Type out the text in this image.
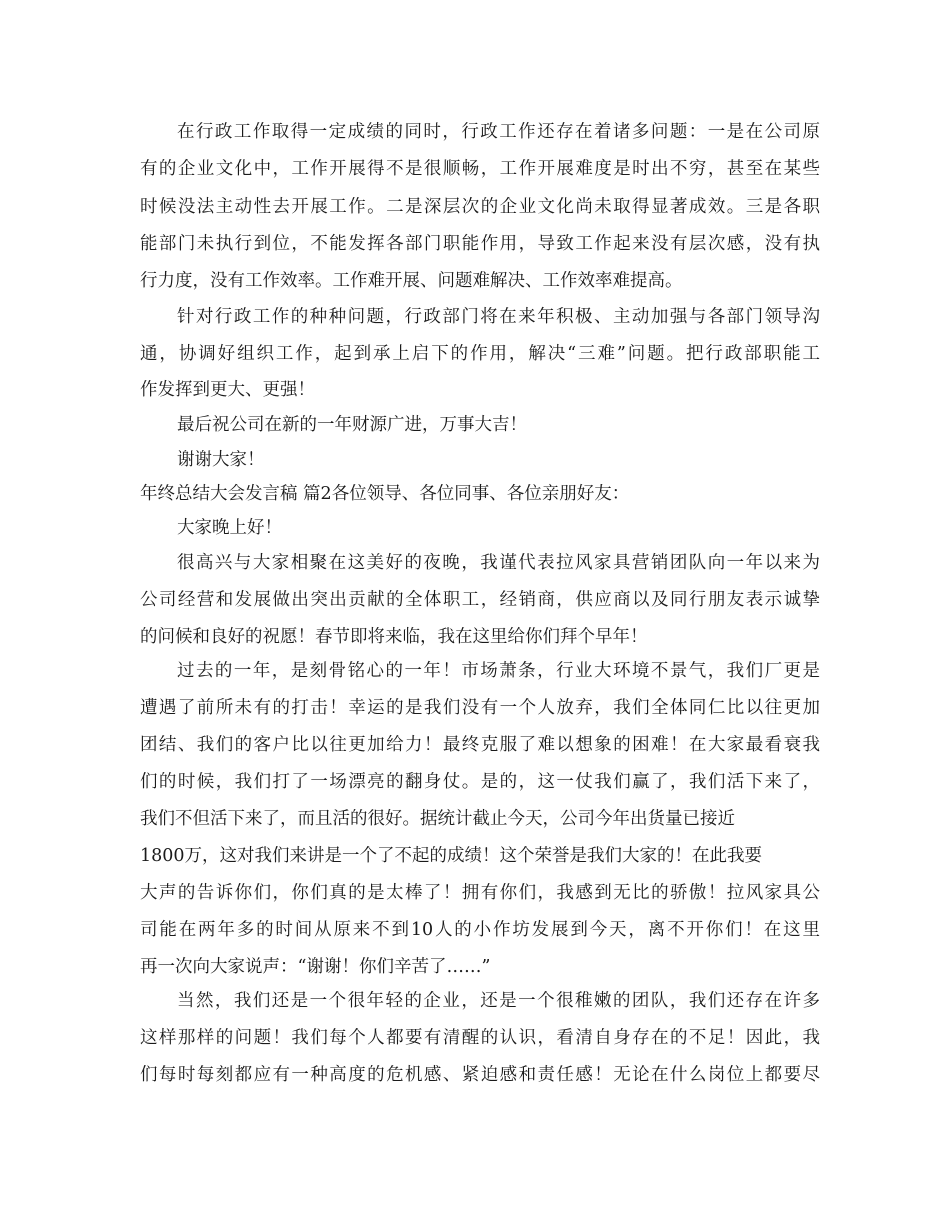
在行政工作取得一定成绩的同时，行政工作还存在着诸多问题：一是在公司原
有的企业文化中，工作开展得不是很顺畅，工作开展难度是时出不穷，甚至在某些
时候没法主动性去开展工作。二是深层次的企业文化尚未取得显著成效。三是各职
能部门未执行到位，不能发挥各部门职能作用，导致工作起来没有层次感，没有执
行力度，没有工作效率。工作难开展、问题难解决、工作效率难提高。
针对行政工作的种种问题，行政部门将在来年积极、主动加强与各部门领导沟
通，协调好组织工作，起到承上启下的作用，解决“三难”问题。把行政部职能工
作发挥到更大、更强！
最后祝公司在新的一年财源广进，万事大吉！
谢谢大家！
年终总结大会发言稿 篇2各位领导、各位同事、各位亲朋好友：
大家晚上好！
很高兴与大家相聚在这美好的夜晚，我谨代表拉风家具营销团队向一年以来为
公司经营和发展做出突出贡献的全体职工，经销商，供应商以及同行朋友表示诚挚
的问候和良好的祝愿！春节即将来临，我在这里给你们拜个早年！
过去的一年，是刻骨铭心的一年！市场萧条，行业大环境不景气，我们厂更是
遭遇了前所未有的打击！幸运的是我们没有一个人放弃，我们全体同仁比以往更加
团结、我们的客户比以往更加给力！最终克服了难以想象的困难！在大家最看衰我
们的时候，我们打了一场漂亮的翻身仗。是的，这一仗我们赢了，我们活下来了，
我们不但活下来了，而且活的很好。据统计截止今天，公司今年出货量已接近
1800万，这对我们来讲是一个了不起的成绩！这个荣誉是我们大家的！在此我要
大声的告诉你们，你们真的是太棒了！拥有你们，我感到无比的骄傲！拉风家具公
司能在两年多的时间从原来不到10人的小作坊发展到今天，离不开你们！在这里
再一次向大家说声：“谢谢！你们辛苦了……”
当然，我们还是一个很年轻的企业，还是一个很稚嫩的团队，我们还存在许多
这样那样的问题！我们每个人都要有清醒的认识，看清自身存在的不足！因此，我
们每时每刻都应有一种高度的危机感、紧迫感和责任感！无论在什么岗位上都要尽
